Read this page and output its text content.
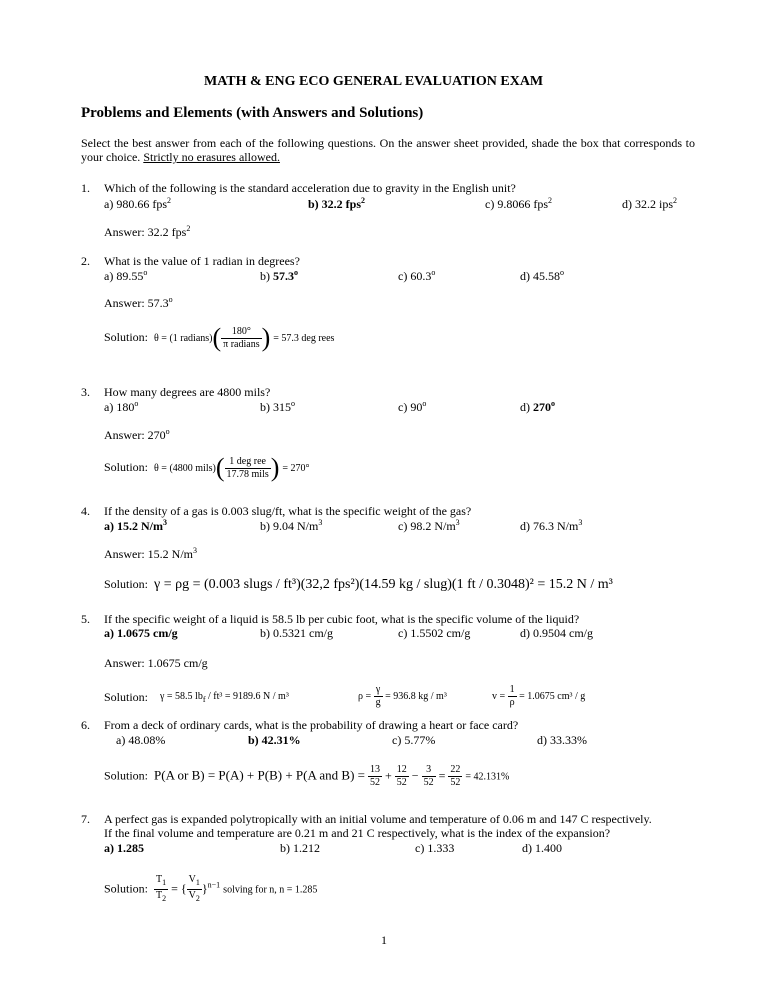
MATH & ENG ECO GENERAL EVALUATION EXAM
Problems and Elements (with Answers and Solutions)
Select the best answer from each of the following questions. On the answer sheet provided, shade the box that corresponds to your choice. Strictly no erasures allowed.
1. Which of the following is the standard acceleration due to gravity in the English unit?
a) 980.66 fps$^2$	b) 32.2 fps$^2$	c) 9.8066 fps$^2$	d) 32.2 ips$^2$
Answer: 32.2 fps$^2$
2. What is the value of 1 radian in degrees?
a) 89.55$^o$	b) 57.3$^o$	c) 60.3$^o$	d) 45.58$^o$
Answer: 57.3$^o$
Solution: θ = (1 radians)( $\frac{180^\circ}{\text{π radians}}$ ) = 57.3 deg rees
3. How many degrees are 4800 mils?
a) 180$^o$	b) 315$^o$	c) 90$^o$	d) 270$^o$
Answer: 270$^o$
Solution: θ = (4800 mils)( $\frac{\text{1 deg ree}}{\text{17.78 mils}}$ ) = 270°
4. If the density of a gas is 0.003 slug/ft, what is the specific weight of the gas?
a) 15.2 $N/m^3$	b) 9.04 $N/m^3$	c) 98.2 $N/m^3$	d) 76.3 $N/m^3$
Answer: 15.2 $N/m^3$
Solution: γ = ρg = (0.003 slugs / ft³)(32,2 fps²)(14.59 kg / slug)(1 ft / 0.3048)² = 15.2 N / m³
5. If the specific weight of a liquid is 58.5 lb per cubic foot, what is the specific volume of the liquid?
a) 1.0675 cm/g	b) 0.5321 cm/g	c) 1.5502 cm/g	d) 0.9504 cm/g
Answer: 1.0675 cm/g
Solution: γ = 58.5 $lb_f / ft^3 = 9189.6$ N / m³	$\rho = \frac{\gamma}{g} = 936.8$ kg / m³	$v = \frac{1}{\rho} = 1.0675$ cm³ / g
6. From a deck of ordinary cards, what is the probability of drawing a heart or face card?
a) 48.08%	b) 42.31%	c) 5.77%	d) 33.33%
Solution: P(A or B) = P(A) + P(B) + P(A and $B) = \frac{13}{52} + \frac{12}{52} - \frac{3}{52} = \frac{22}{52} = 42.131\%$
7. A perfect gas is expanded polytropically with an initial volume and temperature of 0.06 m and 147 C respectively.
If the final volume and temperature are 0.21 m and 21 C respectively, what is the index of the expansion?
a) 1.285	b) 1.212	c) 1.333	d) 1.400
Solution: $\frac{T_1}{T_2}$ = { $\frac{V_1}{V_2} \}^{n-1}$ solving for n, n = 1.285
1
